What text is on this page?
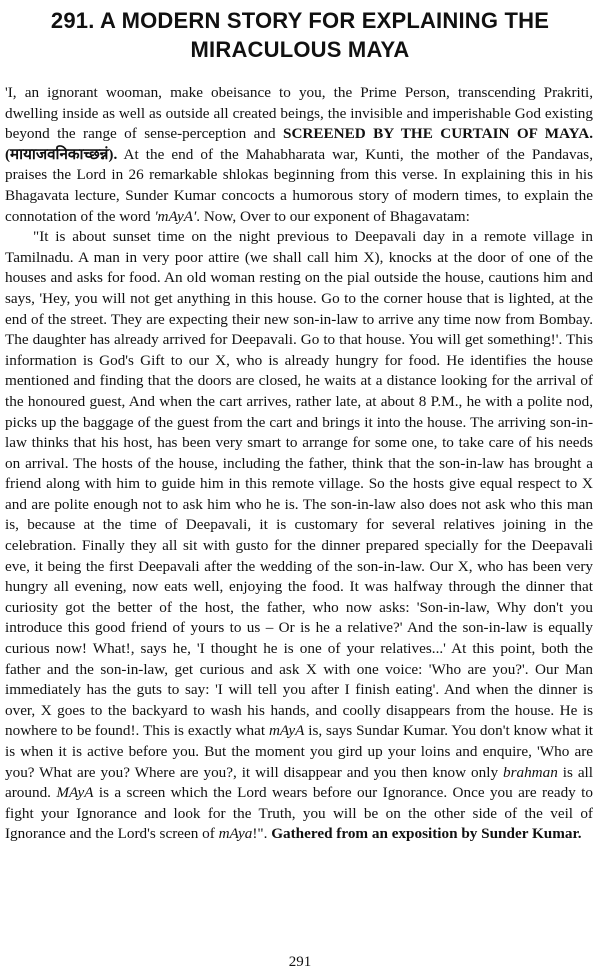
291. A MODERN STORY FOR EXPLAINING THE
MIRACULOUS MAYA

'I, an ignorant wooman, make obeisance to you, the Prime Person, transcending Prakriti, dwelling inside as well as outside all created beings, the invisible and imperishable God existing beyond the range of sense-perception and SCREENED BY THE CURTAIN OF MAYA. (मायाजवनिकाच्छन्नं). At the end of the Mahabharata war, Kunti, the mother of the Pandavas, praises the Lord in 26 remarkable shlokas beginning from this verse. In explaining this in his Bhagavata lecture, Sunder Kumar concocts a humorous story of modern times, to explain the connotation of the word 'mAyA'. Now, Over to our exponent of Bhagavatam:

"It is about sunset time on the night previous to Deepavali day in a remote village in Tamilnadu. A man in very poor attire (we shall call him X), knocks at the door of one of the houses and asks for food. An old woman resting on the pial outside the house, cautions him and says, 'Hey, you will not get anything in this house. Go to the corner house that is lighted, at the end of the street. They are expecting their new son-in-law to arrive any time now from Bombay. The daughter has already arrived for Deepavali. Go to that house. You will get something!'. This information is God's Gift to our X, who is already hungry for food. He identifies the house mentioned and finding that the doors are closed, he waits at a distance looking for the arrival of the honoured guest, And when the cart arrives, rather late, at about 8 P.M., he with a polite nod, picks up the baggage of the guest from the cart and brings it into the house. The arriving son-in-law thinks that his host, has been very smart to arrange for some one, to take care of his needs on arrival. The hosts of the house, including the father, think that the son-in-law has brought a friend along with him to guide him in this remote village. So the hosts give equal respect to X and are polite enough not to ask him who he is. The son-in-law also does not ask who this man is, because at the time of Deepavali, it is customary for several relatives joining in the celebration. Finally they all sit with gusto for the dinner prepared specially for the Deepavali eve, it being the first Deepavali after the wedding of the son-in-law. Our X, who has been very hungry all evening, now eats well, enjoying the food. It was halfway through the dinner that curiosity got the better of the host, the father, who now asks: 'Son-in-law, Why don't you introduce this good friend of yours to us – Or is he a relative?' And the son-in-law is equally curious now! What!, says he, 'I thought he is one of your relatives...' At this point, both the father and the son-in-law, get curious and ask X with one voice: 'Who are you?'. Our Man immediately has the guts to say: 'I will tell you after I finish eating'. And when the dinner is over, X goes to the backyard to wash his hands, and coolly disappears from the house. He is nowhere to be found!. This is exactly what mAyA is, says Sundar Kumar. You don't know what it is when it is active before you. But the moment you gird up your loins and enquire, 'Who are you? What are you? Where are you?, it will disappear and you then know only brahman is all around. MAyA is a screen which the Lord wears before our Ignorance. Once you are ready to fight your Ignorance and look for the Truth, you will be on the other side of the veil of Ignorance and the Lord's screen of mAya!". Gathered from an exposition by Sunder Kumar.

291
